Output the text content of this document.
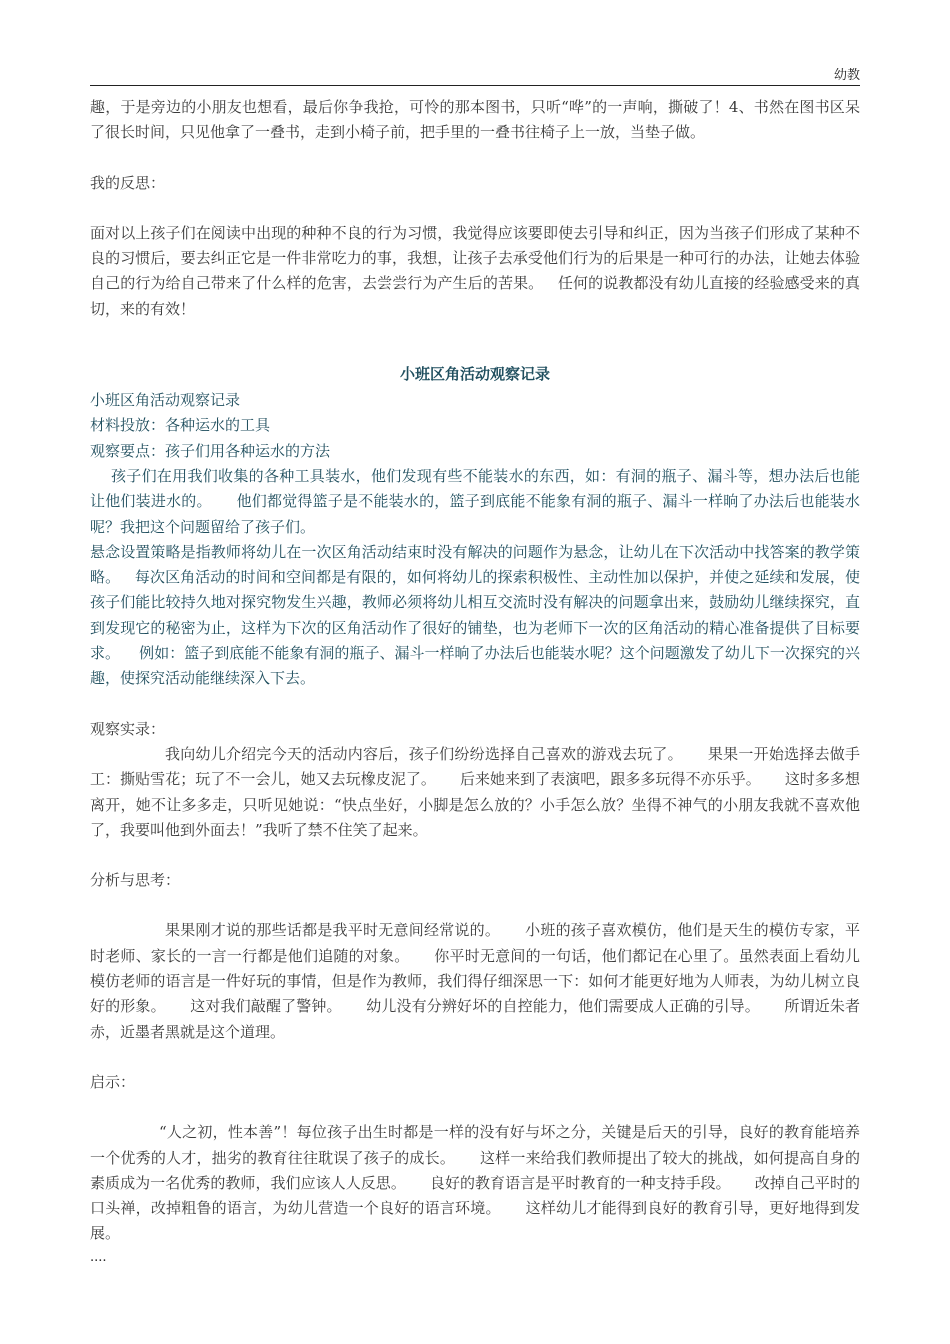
幼教

趣，于是旁边的小朋友也想看，最后你争我抢，可怜的那本图书，只听“哗”的一声响，撕破了！4、书然在图书区呆了很长时间，只见他拿了一叠书，走到小椅子前，把手里的一叠书往椅子上一放，当垫子做。

我的反思：

面对以上孩子们在阅读中出现的种种不良的行为习惯，我觉得应该要即使去引导和纠正，因为当孩子们形成了某种不良的习惯后，要去纠正它是一件非常吃力的事，我想，让孩子去承受他们行为的后果是一种可行的办法，让她去体验自己的行为给自己带来了什么样的危害，去尝尝行为产生后的苦果。   任何的说教都没有幼儿直接的经验感受来的真切，来的有效！

小班区角活动观察记录

小班区角活动观察记录

材料投放：各种运水的工具

观察要点：孩子们用各种运水的方法

孩子们在用我们收集的各种工具装水，他们发现有些不能装水的东西，如：有洞的瓶子、漏斗等，想办法后也能让他们装进水的。     他们都觉得篮子是不能装水的，篮子到底能不能象有洞的瓶子、漏斗一样晌了办法后也能装水呢？我把这个问题留给了孩子们。

悬念设置策略是指教师将幼儿在一次区角活动结束时没有解决的问题作为悬念，让幼儿在下次活动中找答案的教学策略。   每次区角活动的时间和空间都是有限的，如何将幼儿的探索积极性、主动性加以保护，并使之延续和发展，使孩子们能比较持久地对探究物发生兴趣，教师必须将幼儿相互交流时没有解决的问题拿出来，鼓励幼儿继续探究，直到发现它的秘密为止，这样为下次的区角活动作了很好的铺垫，也为老师下一次的区角活动的精心准备提供了目标要求。    例如：篮子到底能不能象有洞的瓶子、漏斗一样晌了办法后也能装水呢？这个问题激发了幼儿下一次探究的兴趣，使探究活动能继续深入下去。

观察实录：

我向幼儿介绍完今天的活动内容后，孩子们纷纷选择自己喜欢的游戏去玩了。     果果一开始选择去做手工：撕贴雪花；玩了不一会儿，她又去玩橡皮泥了。     后来她来到了表演吧，跟多多玩得不亦乐乎。     这时多多想离开，她不让多多走，只听见她说：“快点坐好，小脚是怎么放的？小手怎么放？坐得不神气的小朋友我就不喜欢他了，我要叫他到外面去！”我听了禁不住笑了起来。

分析与思考：

果果刚才说的那些话都是我平时无意间经常说的。     小班的孩子喜欢模仿，他们是天生的模仿专家，平时老师、家长的一言一行都是他们追随的对象。     你平时无意间的一句话，他们都记在心里了。虽然表面上看幼儿模仿老师的语言是一件好玩的事情，但是作为教师，我们得仔细深思一下：如何才能更好地为人师表，为幼儿树立良好的形象。     这对我们敲醒了警钟。     幼儿没有分辨好坏的自控能力，他们需要成人正确的引导。     所谓近朱者赤，近墨者黑就是这个道理。

启示：

“人之初，性本善”！每位孩子出生时都是一样的没有好与坏之分，关键是后天的引导，良好的教育能培养一个优秀的人才，拙劣的教育往往耽误了孩子的成长。     这样一来给我们教师提出了较大的挑战，如何提高自身的素质成为一名优秀的教师，我们应该人人反思。     良好的教育语言是平时教育的一种支持手段。     改掉自己平时的口头禅，改掉粗鲁的语言，为幼儿营造一个良好的语言环境。     这样幼儿才能得到良好的教育引导，更好地得到发展。

....
